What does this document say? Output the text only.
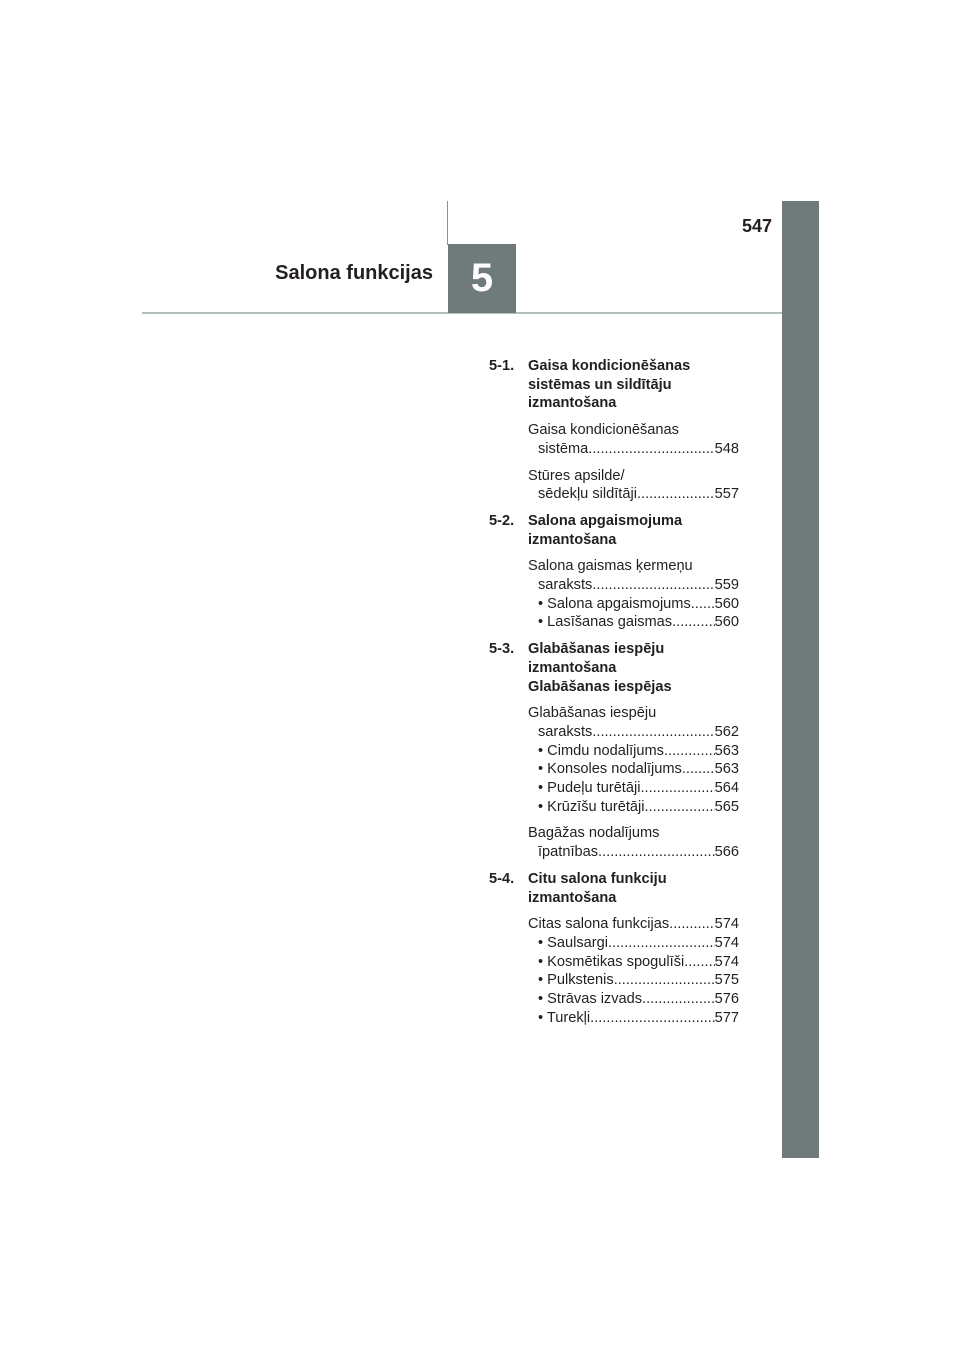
547
Salona funkcijas 5
5-1. Gaisa kondicionēšanas
sistēmas un sildītāju
izmantošana
Gaisa kondicionēšanas
sistēma .....	548
Stūres apsilde/
sēdekļu sildītāji .....	557
5-2. Salona apgaismojuma
izmantošana
Salona gaismas ķermeņu
saraksts .....	559
• Salona apgaismojums ..... 560
• Lasīšanas gaismas .....	560
5-3. Glabāšanas iespēju
izmantošana
Glabāšanas iespējas
Glabāšanas iespēju
saraksts .....	562
• Cimdu nodalījums .....	563
• Konsoles nodalījums ..... 563
• Pudeļu turētāji .....	564
• Krūzīšu turētāji .....	565
Bagāžas nodalījums
īpatnības .....	566
5-4. Citu salona funkciju
izmantošana
Citas salona funkcijas .....	574
• Saulsargi .....	574
• Kosmētikas spogulīši ..... 574
• Pulkstenis .....	575
• Strāvas izvads .....	576
• Turekļi .....	577
